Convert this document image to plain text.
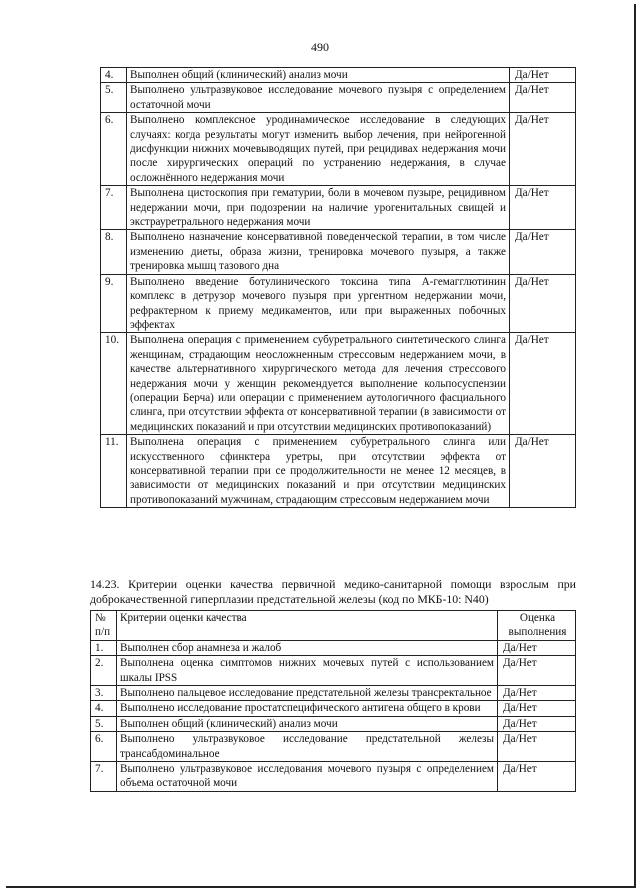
490
4.	Выполнен общий (клинический) анализ мочи	Да/Нет
5.	Выполнено ультразвуковое исследование мочевого пузыря с определением остаточной мочи	Да/Нет
6.	Выполнено комплексное уродинамическое исследование в следующих случаях: когда результаты могут изменить выбор лечения, при нейрогенной дисфункции нижних мочевыводящих путей, при рецидивах недержания мочи после хирургических операций по устранению недержания, в случае осложнённого недержания мочи	Да/Нет
7.	Выполнена цистоскопия при гематурии, боли в мочевом пузыре, рецидивном недержании мочи, при подозрении на наличие урогенитальных свищей и экстрауретрального недержания мочи	Да/Нет
8.	Выполнено назначение консервативной поведенческой терапии, в том числе изменению диеты, образа жизни, тренировка мочевого пузыря, а также тренировка мышц тазового дна	Да/Нет
9.	Выполнено введение ботулинического токсина типа А-гемагглютинин комплекс в детрузор мочевого пузыря при ургентном недержании мочи, рефрактерном к приему медикаментов, или при выраженных побочных эффектах	Да/Нет
10.	Выполнена операция с применением субуретрального синтетического слинга женщинам, страдающим неосложненным стрессовым недержанием мочи, в качестве альтернативного хирургического метода для лечения стрессового недержания мочи у женщин рекомендуется выполнение кольпосуспензии (операции Берча) или операции с применением аутологичного фасциального слинга, при отсутствии эффекта от консервативной терапии (в зависимости от медицинских показаний и при отсутствии медицинских противопоказаний)	Да/Нет
11.	Выполнена операция с применением субуретрального слинга или искусственного сфинктера уретры, при отсутствии эффекта от консервативной терапии при се продолжительности не менее 12 месяцев, в зависимости от медицинских показаний и при отсутствии медицинских противопоказаний мужчинам, страдающим стрессовым недержанием мочи	Да/Нет
14.23. Критерии оценки качества первичной медико-санитарной помощи взрослым при доброкачественной гиперплазии предстательной железы (код по МКБ-10: N40)
№ п/п	Критерии оценки качества	Оценка выполнения
1.	Выполнен сбор анамнеза и жалоб	Да/Нет
2.	Выполнена оценка симптомов нижних мочевых путей с использованием шкалы IPSS	Да/Нет
3.	Выполнено пальцевое исследование предстательной железы трансректальное	Да/Нет
4.	Выполнено исследование простатспецифического антигена общего в крови	Да/Нет
5.	Выполнен общий (клинический) анализ мочи	Да/Нет
6.	Выполнено ультразвуковое исследование предстательной железы трансабдоминальное	Да/Нет
7.	Выполнено ультразвуковое исследования мочевого пузыря с определением объема остаточной мочи	Да/Нет
